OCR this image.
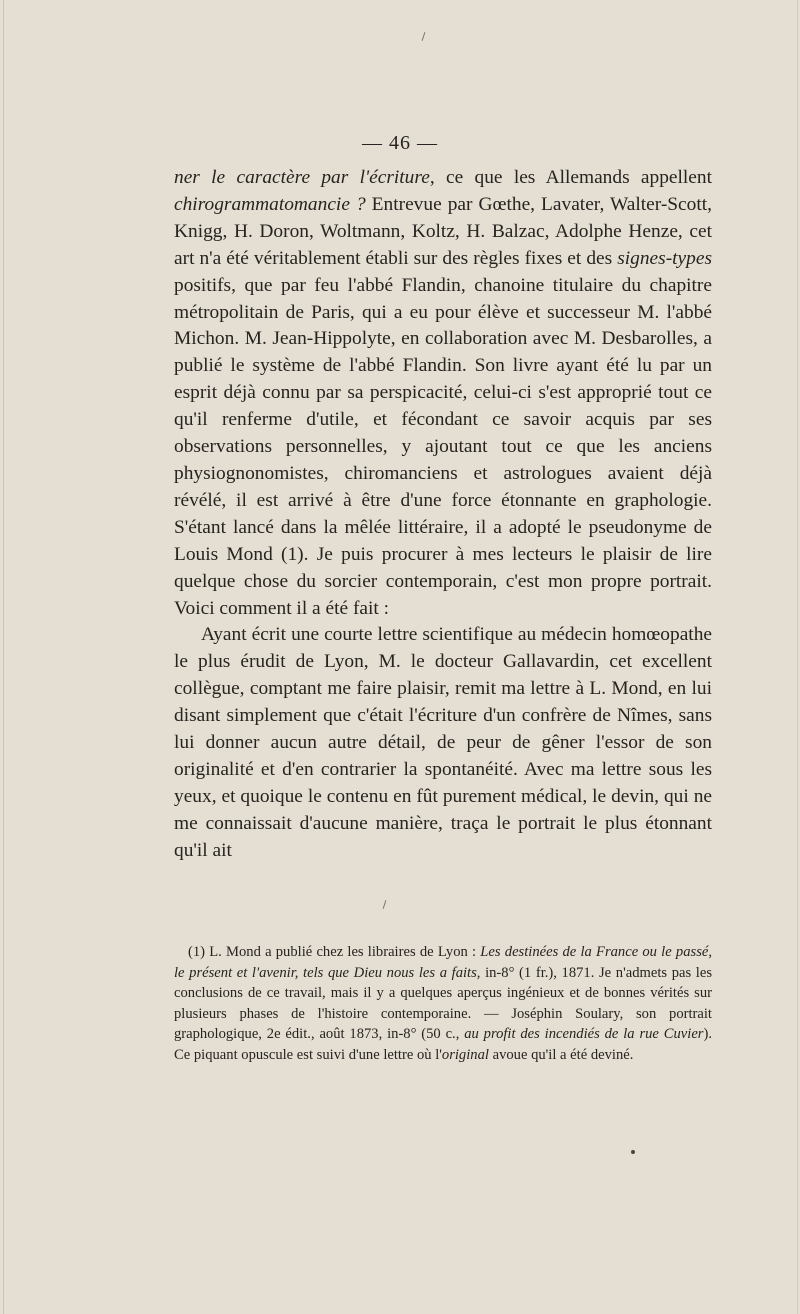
— 46 —

ner le caractère par l'écriture, ce que les Allemands appellent chirogrammatomancie ? Entrevue par Gœthe, Lavater, Walter-Scott, Knigg, H. Doron, Woltmann, Koltz, H. Balzac, Adolphe Henze, cet art n'a été véritablement établi sur des règles fixes et des signes-types positifs, que par feu l'abbé Flandin, chanoine titulaire du chapitre métropolitain de Paris, qui a eu pour élève et successeur M. l'abbé Michon. M. Jean-Hippolyte, en collaboration avec M. Desbarolles, a publié le système de l'abbé Flandin. Son livre ayant été lu par un esprit déjà connu par sa perspicacité, celui-ci s'est approprié tout ce qu'il renferme d'utile, et fécondant ce savoir acquis par ses observations personnelles, y ajoutant tout ce que les anciens physiognonomistes, chiromanciens et astrologues avaient déjà révélé, il est arrivé à être d'une force étonnante en graphologie. S'étant lancé dans la mêlée littéraire, il a adopté le pseudonyme de Louis Mond (1). Je puis procurer à mes lecteurs le plaisir de lire quelque chose du sorcier contemporain, c'est mon propre portrait. Voici comment il a été fait :

Ayant écrit une courte lettre scientifique au médecin homœopathe le plus érudit de Lyon, M. le docteur Gallavardin, cet excellent collègue, comptant me faire plaisir, remit ma lettre à L. Mond, en lui disant simplement que c'était l'écriture d'un confrère de Nîmes, sans lui donner aucun autre détail, de peur de gêner l'essor de son originalité et d'en contrarier la spontanéité. Avec ma lettre sous les yeux, et quoique le contenu en fût purement médical, le devin, qui ne me connaissait d'aucune manière, traça le portrait le plus étonnant qu'il ait

(1) L. Mond a publié chez les libraires de Lyon : Les destinées de la France ou le passé, le présent et l'avenir, tels que Dieu nous les a faits, in-8° (1 fr.), 1871. Je n'admets pas les conclusions de ce travail, mais il y a quelques aperçus ingénieux et de bonnes vérités sur plusieurs phases de l'histoire contemporaine. — Joséphin Soulary, son portrait graphologique, 2e édit., août 1873, in-8° (50 c., au profit des incendiés de la rue Cuvier). Ce piquant opuscule est suivi d'une lettre où l'original avoue qu'il a été deviné.
